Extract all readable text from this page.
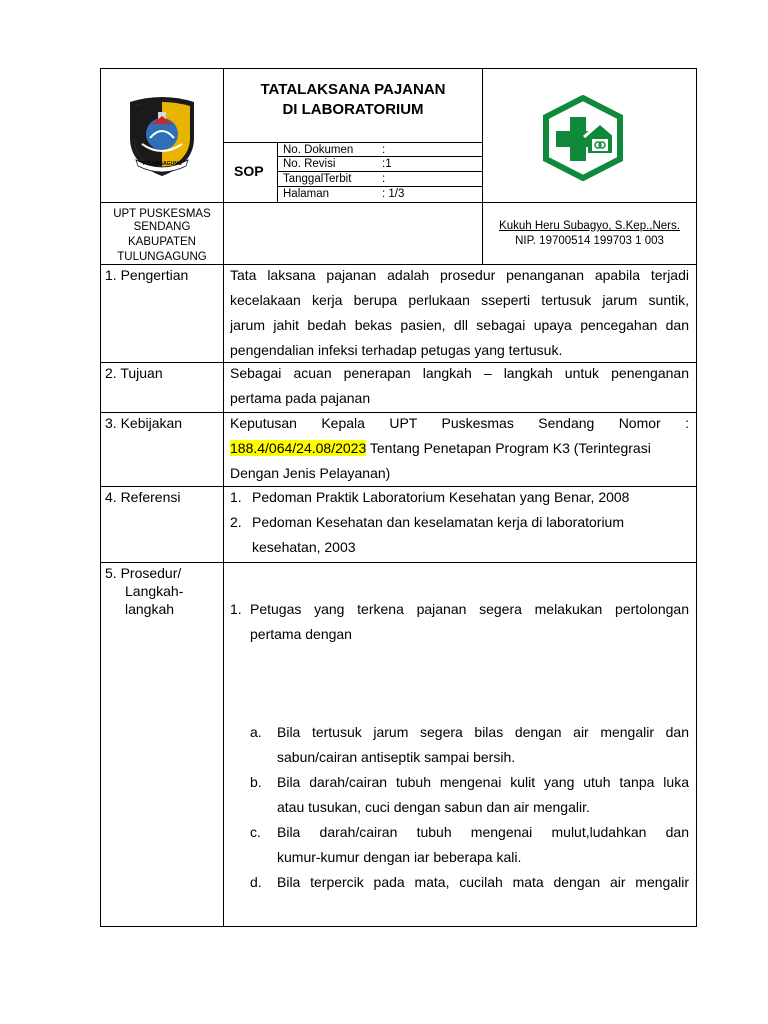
TULUNGAGUNG
TATALAKSANA PAJANAN
DI LABORATORIUM
SOP
No. Dokumen :
No. Revisi	:1
TanggalTerbit	:
Halaman	: 1/3
UPT PUSKESMAS
SENDANG
KABUPATEN
TULUNGAGUNG
Kukuh Heru Subagyo, S.Kep.,Ners.
NIP. 19700514 199703 1 003
1. Pengertian	Tata laksana pajanan adalah prosedur penanganan apabila terjadi
kecelakaan kerja berupa perlukaan sseperti tertusuk jarum suntik,
jarum jahit bedah bekas pasien, dll sebagai upaya pencegahan dan
pengendalian infeksi terhadap petugas yang tertusuk.
2. Tujuan	Sebagai acuan penerapan langkah – langkah untuk penenganan
pertama pada pajanan
3. Kebijakan	Keputusan Kepala UPT Puskesmas Sendang Nomor :
188.4/064/24.08/2023 Tentang Penetapan Program K3 (Terintegrasi
Dengan Jenis Pelayanan)
4. Referensi	1. Pedoman Praktik Laboratorium Kesehatan yang Benar, 2008
2. Pedoman Kesehatan dan keselamatan kerja di laboratorium
kesehatan, 2003
5. Prosedur/
Langkah-
langkah	1. Petugas yang terkena pajanan segera melakukan pertolongan
pertama dengan
a. Bila tertusuk jarum segera bilas dengan air mengalir dan
sabun/cairan antiseptik sampai bersih.
b. Bila darah/cairan tubuh mengenai kulit yang utuh tanpa luka
atau tusukan, cuci dengan sabun dan air mengalir.
c. Bila darah/cairan tubuh mengenai mulut,ludahkan dan
kumur-kumur dengan iar beberapa kali.
d. Bila terpercik pada mata, cucilah mata dengan air mengalir
